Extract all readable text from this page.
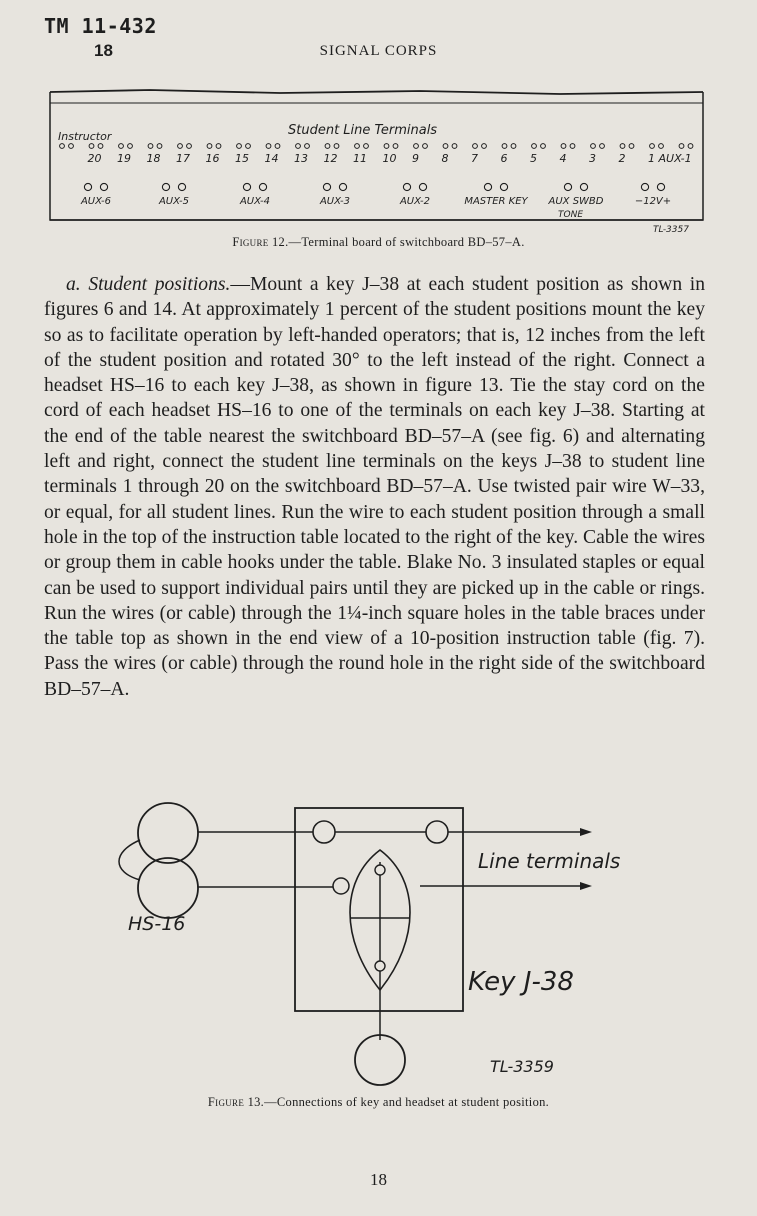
TM 11-432
18	SIGNAL CORPS
Instructor	Student Line Terminals
20 19 18 17 16 15 14 13 12 11 10 9 8 7 6 5 4 3 2 1 AUX-1
AUX-6	AUX-5	AUX-4	AUX-3	AUX-2	MASTER KEY AUX SWBD	−12V+
TONE
TL-3357
Figure 12.—Terminal board of switchboard BD–57–A.

a. Student positions.—Mount a key J–38 at each student position as shown in figures 6 and 14. At approximately 1 percent of the student positions mount the key so as to facilitate operation by left-handed operators; that is, 12 inches from the left of the student position and rotated 30° to the left instead of the right. Connect a headset HS–16 to each key J–38, as shown in figure 13. Tie the stay cord on the cord of each headset HS–16 to one of the terminals on each key J–38. Starting at the end of the table nearest the switchboard BD–57–A (see fig. 6) and alternating left and right, connect the student line terminals on the keys J–38 to student line terminals 1 through 20 on the switchboard BD–57–A. Use twisted pair wire W–33, or equal, for all student lines. Run the wire to each student position through a small hole in the top of the instruction table located to the right of the key. Cable the wires or group them in cable hooks under the table. Blake No. 3 insulated staples or equal can be used to support individual pairs until they are picked up in the cable or rings. Run the wires (or cable) through the 1¼-inch square holes in the table braces under the table top as shown in the end view of a 10-position instruction table (fig. 7). Pass the wires (or cable) through the round hole in the right side of the switchboard BD–57–A.

Line terminals
HS-16
Key J-38
TL-3359
Figure 13.—Connections of key and headset at student position.
18
